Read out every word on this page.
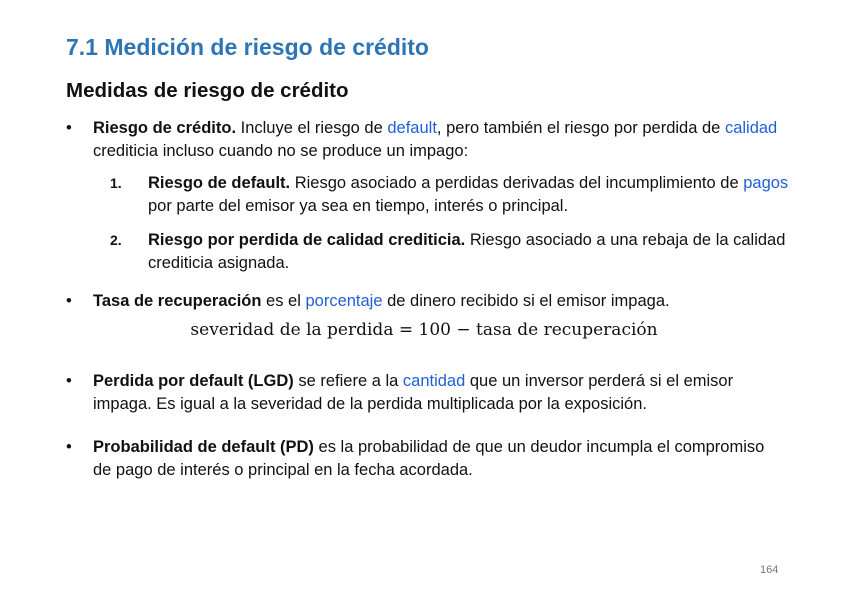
7.1 Medición de riesgo de crédito
Medidas de riesgo de crédito
•	Riesgo de crédito. Incluye el riesgo de default, pero también el riesgo por perdida de calidad crediticia incluso cuando no se produce un impago:
1. Riesgo de default. Riesgo asociado a perdidas derivadas del incumplimiento de pagos por parte del emisor ya sea en tiempo, interés o principal.
2. Riesgo por perdida de calidad crediticia. Riesgo asociado a una rebaja de la calidad crediticia asignada.
•	Tasa de recuperación es el porcentaje de dinero recibido si el emisor impaga.
severidad de la perdida = 100 − tasa de recuperación
•	Perdida por default (LGD) se refiere a la cantidad que un inversor perderá si el emisor impaga. Es igual a la severidad de la perdida multiplicada por la exposición.
•	Probabilidad de default (PD) es la probabilidad de que un deudor incumpla el compromiso de pago de interés o principal en la fecha acordada.
164
